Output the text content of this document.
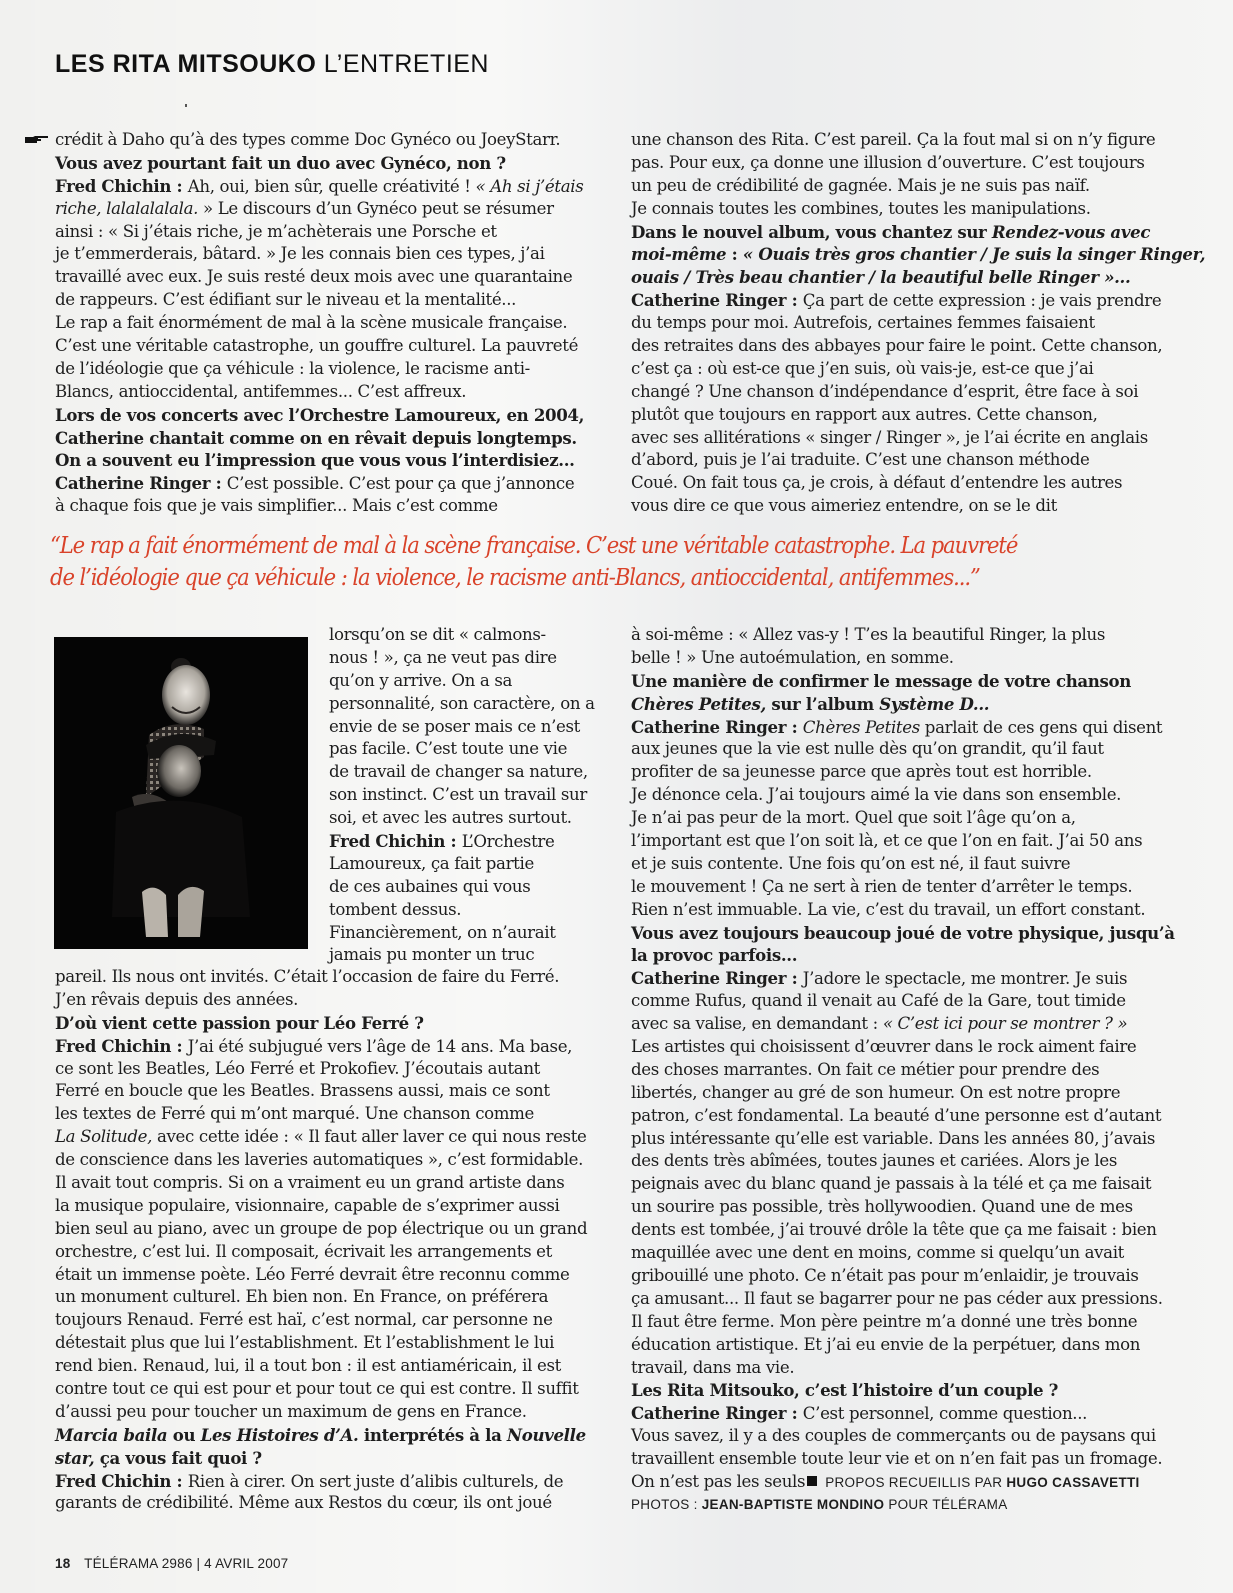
LES RITA MITSOUKO L’ENTRETIEN
crédit à Daho qu’à des types comme Doc Gynéco ou JoeyStarr.
Vous avez pourtant fait un duo avec Gynéco, non ?
Fred Chichin : Ah, oui, bien sûr, quelle créativité ! « Ah si j’étais
riche, lalalalalala. » Le discours d’un Gynéco peut se résumer
ainsi : « Si j’étais riche, je m’achèterais une Porsche et
je t’emmerderais, bâtard. » Je les connais bien ces types, j’ai
travaillé avec eux. Je suis resté deux mois avec une quarantaine
de rappeurs. C’est édifiant sur le niveau et la mentalité...
Le rap a fait énormément de mal à la scène musicale française.
C’est une véritable catastrophe, un gouffre culturel. La pauvreté
de l’idéologie que ça véhicule : la violence, le racisme anti-
Blancs, antioccidental, antifemmes... C’est affreux.
Lors de vos concerts avec l’Orchestre Lamoureux, en 2004,
Catherine chantait comme on en rêvait depuis longtemps.
On a souvent eu l’impression que vous vous l’interdisiez...
Catherine Ringer : C’est possible. C’est pour ça que j’annonce
à chaque fois que je vais simplifier... Mais c’est comme
une chanson des Rita. C’est pareil. Ça la fout mal si on n’y figure
pas. Pour eux, ça donne une illusion d’ouverture. C’est toujours
un peu de crédibilité de gagnée. Mais je ne suis pas naïf.
Je connais toutes les combines, toutes les manipulations.
Dans le nouvel album, vous chantez sur Rendez-vous avec
moi-même : « Ouais très gros chantier / Je suis la singer Ringer,
ouais / Très beau chantier / la beautiful belle Ringer »...
Catherine Ringer : Ça part de cette expression : je vais prendre
du temps pour moi. Autrefois, certaines femmes faisaient
des retraites dans des abbayes pour faire le point. Cette chanson,
c’est ça : où est-ce que j’en suis, où vais-je, est-ce que j’ai
changé ? Une chanson d’indépendance d’esprit, être face à soi
plutôt que toujours en rapport aux autres. Cette chanson,
avec ses allitérations « singer / Ringer », je l’ai écrite en anglais
d’abord, puis je l’ai traduite. C’est une chanson méthode
Coué. On fait tous ça, je crois, à défaut d’entendre les autres
vous dire ce que vous aimeriez entendre, on se le dit
“Le rap a fait énormément de mal à la scène française. C’est une véritable catastrophe. La pauvreté
de l’idéologie que ça véhicule : la violence, le racisme anti-Blancs, antioccidental, antifemmes...”
lorsqu’on se dit « calmons-
nous ! », ça ne veut pas dire
qu’on y arrive. On a sa
personnalité, son caractère, on a
envie de se poser mais ce n’est
pas facile. C’est toute une vie
de travail de changer sa nature,
son instinct. C’est un travail sur
soi, et avec les autres surtout.
Fred Chichin : L’Orchestre
Lamoureux, ça fait partie
de ces aubaines qui vous
tombent dessus.
Financièrement, on n’aurait
jamais pu monter un truc
pareil. Ils nous ont invités. C’était l’occasion de faire du Ferré.
J’en rêvais depuis des années.
D’où vient cette passion pour Léo Ferré ?
Fred Chichin : J’ai été subjugué vers l’âge de 14 ans. Ma base,
ce sont les Beatles, Léo Ferré et Prokofiev. J’écoutais autant
Ferré en boucle que les Beatles. Brassens aussi, mais ce sont
les textes de Ferré qui m’ont marqué. Une chanson comme
La Solitude, avec cette idée : « Il faut aller laver ce qui nous reste
de conscience dans les laveries automatiques », c’est formidable.
Il avait tout compris. Si on a vraiment eu un grand artiste dans
la musique populaire, visionnaire, capable de s’exprimer aussi
bien seul au piano, avec un groupe de pop électrique ou un grand
orchestre, c’est lui. Il composait, écrivait les arrangements et
était un immense poète. Léo Ferré devrait être reconnu comme
un monument culturel. Eh bien non. En France, on préférera
toujours Renaud. Ferré est haï, c’est normal, car personne ne
détestait plus que lui l’establishment. Et l’establishment le lui
rend bien. Renaud, lui, il a tout bon : il est antiaméricain, il est
contre tout ce qui est pour et pour tout ce qui est contre. Il suffit
d’aussi peu pour toucher un maximum de gens en France.
Marcia baila ou Les Histoires d’A. interprétés à la Nouvelle
star, ça vous fait quoi ?
Fred Chichin : Rien à cirer. On sert juste d’alibis culturels, de
garants de crédibilité. Même aux Restos du cœur, ils ont joué
à soi-même : « Allez vas-y ! T’es la beautiful Ringer, la plus
belle ! » Une autoémulation, en somme.
Une manière de confirmer le message de votre chanson
Chères Petites, sur l’album Système D...
Catherine Ringer : Chères Petites parlait de ces gens qui disent
aux jeunes que la vie est nulle dès qu’on grandit, qu’il faut
profiter de sa jeunesse parce que après tout est horrible.
Je dénonce cela. J’ai toujours aimé la vie dans son ensemble.
Je n’ai pas peur de la mort. Quel que soit l’âge qu’on a,
l’important est que l’on soit là, et ce que l’on en fait. J’ai 50 ans
et je suis contente. Une fois qu’on est né, il faut suivre
le mouvement ! Ça ne sert à rien de tenter d’arrêter le temps.
Rien n’est immuable. La vie, c’est du travail, un effort constant.
Vous avez toujours beaucoup joué de votre physique, jusqu’à
la provoc parfois...
Catherine Ringer : J’adore le spectacle, me montrer. Je suis
comme Rufus, quand il venait au Café de la Gare, tout timide
avec sa valise, en demandant : « C’est ici pour se montrer ? »
Les artistes qui choisissent d’œuvrer dans le rock aiment faire
des choses marrantes. On fait ce métier pour prendre des
libertés, changer au gré de son humeur. On est notre propre
patron, c’est fondamental. La beauté d’une personne est d’autant
plus intéressante qu’elle est variable. Dans les années 80, j’avais
des dents très abîmées, toutes jaunes et cariées. Alors je les
peignais avec du blanc quand je passais à la télé et ça me faisait
un sourire pas possible, très hollywoodien. Quand une de mes
dents est tombée, j’ai trouvé drôle la tête que ça me faisait : bien
maquillée avec une dent en moins, comme si quelqu’un avait
gribouillé une photo. Ce n’était pas pour m’enlaidir, je trouvais
ça amusant... Il faut se bagarrer pour ne pas céder aux pressions.
Il faut être ferme. Mon père peintre m’a donné une très bonne
éducation artistique. Et j’ai eu envie de la perpétuer, dans mon
travail, dans ma vie.
Les Rita Mitsouko, c’est l’histoire d’un couple ?
Catherine Ringer : C’est personnel, comme question...
Vous savez, il y a des couples de commerçants ou de paysans qui
travaillent ensemble toute leur vie et on n’en fait pas un fromage.
On n’est pas les seuls PROPOS RECUEILLIS PAR HUGO CASSAVETTI
PHOTOS : JEAN-BAPTISTE MONDINO POUR TÉLÉRAMA
18 TÉLÉRAMA 2986 | 4 AVRIL 2007
